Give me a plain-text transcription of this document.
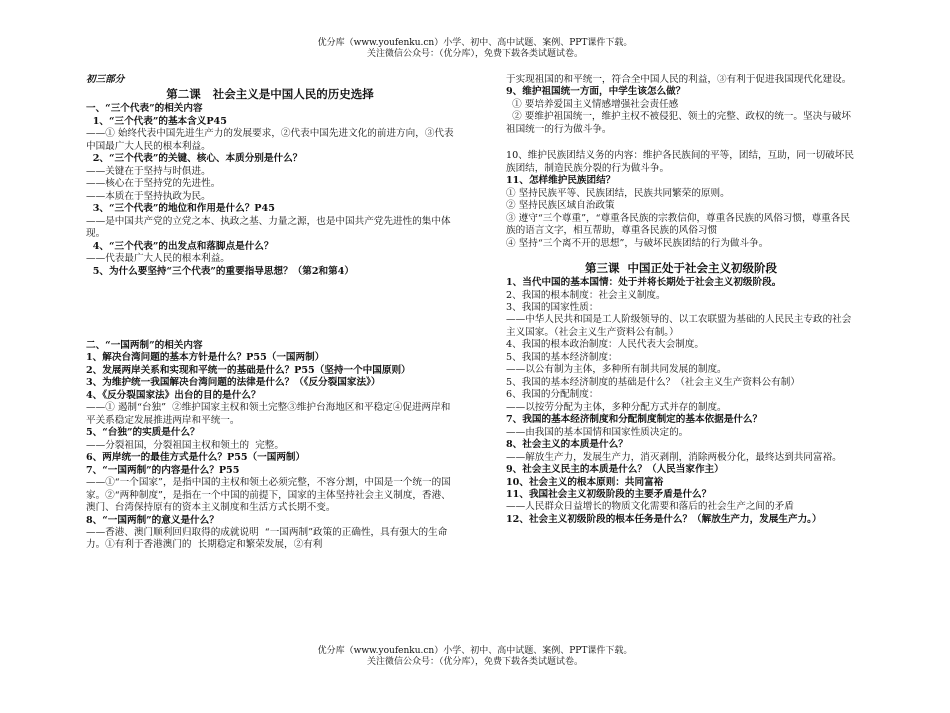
优分库（www.youfenku.cn）小学、初中、高中试题、案例、PPT课件下载。
关注微信公众号：（优分库），免费下载各类试题试卷。

初三部分

第二课   社会主义是中国人民的历史选择

一、“三个代表”的相关内容

1、“三个代表”的基本含义P45

——① 始终代表中国先进生产力的发展要求，②代表中国先进文化的前进方向，③代表中国最广大人民的根本利益。

2、“三个代表”的关键、核心、本质分别是什么？

——关键在于坚持与时俱进。

——核心在于坚持党的先进性。

——本质在于坚持执政为民。

3、“三个代表”的地位和作用是什么？P45

——是中国共产党的立党之本、执政之基、力量之源，也是中国共产党先进性的集中体现。

4、“三个代表”的出发点和落脚点是什么？

——代表最广大人民的根本利益。

5、为什么要坚持“三个代表”的重要指导思想？（第2和第4）

二、“一国两制”的相关内容

1、解决台湾问题的基本方针是什么？P55（一国两制）

2、发展两岸关系和实现和平统一的基础是什么？P55（坚持一个中国原则）

3、为维护统一我国解决台湾问题的法律是什么？（《反分裂国家法》）

4、《反分裂国家法》出台的目的是什么？

——① 遏制“台独”  ②维护国家主权和领土完整③维护台海地区和平稳定④促进两岸和平关系稳定发展推进两岸和平统一。

5、“台独”的实质是什么？

——分裂祖国，分裂祖国主权和领土的  完整。

6、两岸统一的最佳方式是什么？P55（一国两制）

7、“一国两制”的内容是什么？P55

——①“一个国家”，是指中国的主权和领土必须完整，不容分割，中国是一个统一的国家。②“两种制度”，是指在一个中国的前提下，国家的主体坚持社会主义制度，香港、澳门、台湾保持原有的资本主义制度和生活方式长期不变。

8、“一国两制”的意义是什么？

——香港、澳门顺利回归取得的成就说明  “一国两制”政策的正确性，具有强大的生命力。①有利于香港澳门的  长期稳定和繁荣发展，②有利

于实现祖国的和平统一，符合全中国人民的利益，③有利于促进我国现代化建设。

9、维护祖国统一方面，中学生该怎么做？

① 要培养爱国主义情感增强社会责任感

② 要维护祖国统一，维护主权不被侵犯、领土的完整、政权的统一。坚决与破坏祖国统一的行为做斗争。

10、维护民族团结义务的内容：维护各民族间的平等，团结，互助，同一切破坏民族团结，制造民族分裂的行为做斗争。

11、怎样维护民族团结？

① 坚持民族平等、民族团结，民族共同繁荣的原则。

② 坚持民族区域自治政策

③ 遵守“三个尊重”，“尊重各民族的宗教信仰，尊重各民族的风俗习惯，尊重各民族的语言文字，相互帮助，尊重各民族的风俗习惯

④ 坚持“三个离不开的思想”，与破坏民族团结的行为做斗争。

第三课  中国正处于社会主义初级阶段

1、当代中国的基本国情：处于并将长期处于社会主义初级阶段。

2、我国的根本制度：社会主义制度。

3、我国的国家性质：

——中华人民共和国是工人阶级领导的、以工农联盟为基础的人民民主专政的社会主义国家。（社会主义生产资料公有制。）

4、我国的根本政治制度：人民代表大会制度。

5、我国的基本经济制度：

——以公有制为主体，多种所有制共同发展的制度。

5、我国的基本经济制度的基础是什么？（社会主义生产资料公有制）

6、我国的分配制度：

——以按劳分配为主体，多种分配方式并存的制度。

7、我国的基本经济制度和分配制度制定的基本依据是什么？

——由我国的基本国情和国家性质决定的。

8、社会主义的本质是什么？

——解放生产力，发展生产力，消灭剥削，消除两极分化，最终达到共同富裕。

9、社会主义民主的本质是什么？（人民当家作主）

10、社会主义的根本原则：共同富裕

11、我国社会主义初级阶段的主要矛盾是什么？

——人民群众日益增长的物质文化需要和落后的社会生产之间的矛盾

12、社会主义初级阶段的根本任务是什么？（解放生产力，发展生产力。）

优分库（www.youfenku.cn）小学、初中、高中试题、案例、PPT课件下载。
关注微信公众号：（优分库），免费下载各类试题试卷。
